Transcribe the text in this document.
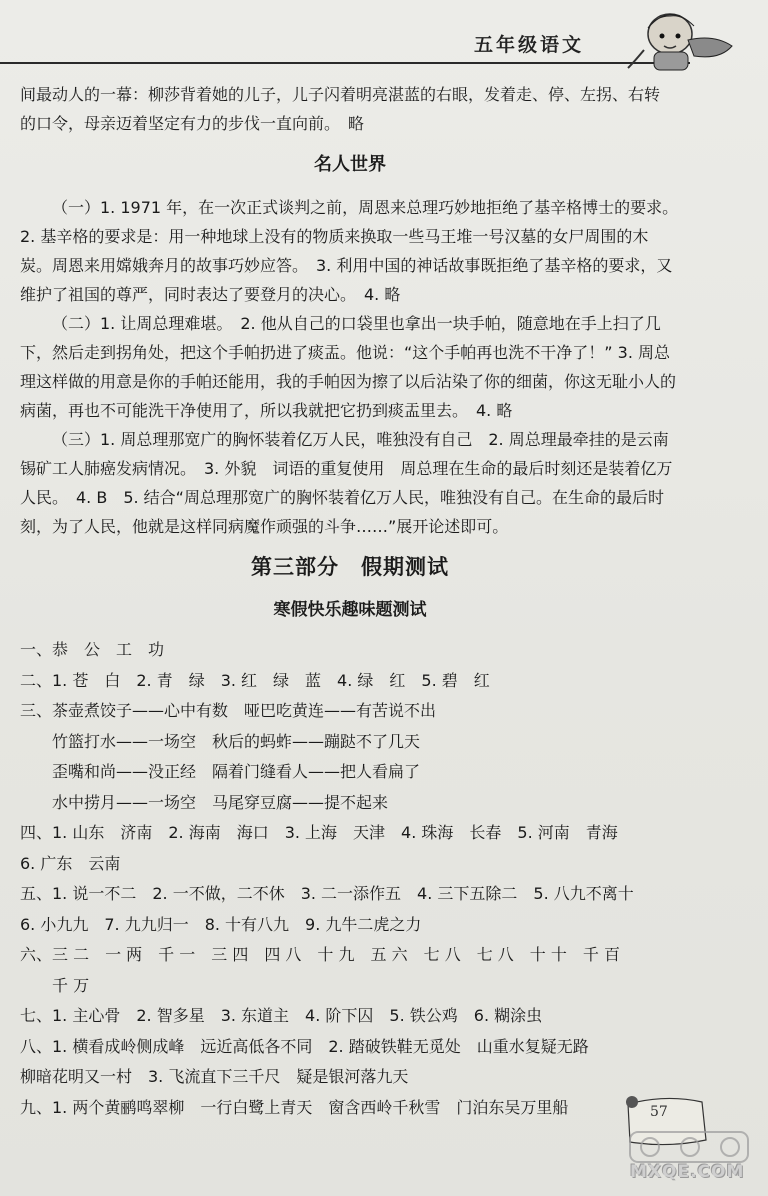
五年级语文

间最动人的一幕：柳莎背着她的儿子，儿子闪着明亮湛蓝的右眼，发着走、停、左拐、右转

的口令，母亲迈着坚定有力的步伐一直向前。　略

名人世界

（一）1. 1971 年，在一次正式谈判之前，周恩来总理巧妙地拒绝了基辛格博士的要求。　2. 基辛格的要求是：用一种地球上没有的物质来换取一些马王堆一号汉墓的女尸周围的木炭。周恩来用嫦娥奔月的故事巧妙应答。　3. 利用中国的神话故事既拒绝了基辛格的要求，又维护了祖国的尊严，同时表达了要登月的决心。　4. 略

（二）1. 让周总理难堪。　2. 他从自己的口袋里也拿出一块手帕，随意地在手上扫了几下，然后走到拐角处，把这个手帕扔进了痰盂。他说：“这个手帕再也洗不干净了！” 3. 周总理这样做的用意是你的手帕还能用，我的手帕因为擦了以后沾染了你的细菌，你这无耻小人的病菌，再也不可能洗干净使用了，所以我就把它扔到痰盂里去。　4. 略

（三）1. 周总理那宽广的胸怀装着亿万人民，唯独没有自己　2. 周总理最牵挂的是云南锡矿工人肺癌发病情况。　3. 外貌　词语的重复使用　周总理在生命的最后时刻还是装着亿万人民。　4. B　5. 结合“周总理那宽广的胸怀装着亿万人民，唯独没有自己。在生命的最后时刻，为了人民，他就是这样同病魔作顽强的斗争……”展开论述即可。

第三部分　假期测试
寒假快乐趣味题测试

一、恭　公　工　功

二、1. 苍　白　2. 青　绿　3. 红　绿　蓝　4. 绿　红　5. 碧　红

三、茶壶煮饺子——心中有数　哑巴吃黄连——有苦说不出

竹篮打水——一场空　秋后的蚂蚱——蹦跶不了几天

歪嘴和尚——没正经　隔着门缝看人——把人看扁了

水中捞月——一场空　马尾穿豆腐——提不起来

四、1. 山东　济南　2. 海南　海口　3. 上海　天津　4. 珠海　长春　5. 河南　青海

6. 广东　云南

五、1. 说一不二　2. 一不做，二不休　3. 二一添作五　4. 三下五除二　5. 八九不离十

6. 小九九　7. 九九归一　8. 十有八九　9. 九牛二虎之力

六、三 二　一 两　千 一　三 四　四 八　十 九　五 六　七 八　七 八　十 十　千 百

千 万

七、1. 主心骨　2. 智多星　3. 东道主　4. 阶下囚　5. 铁公鸡　6. 糊涂虫

八、1. 横看成岭侧成峰　远近高低各不同　2. 踏破铁鞋无觅处　山重水复疑无路

柳暗花明又一村　3. 飞流直下三千尺　疑是银河落九天

九、1. 两个黄鹂鸣翠柳　一行白鹭上青天　窗含西岭千秋雪　门泊东吴万里船	57
MXQE.COM
